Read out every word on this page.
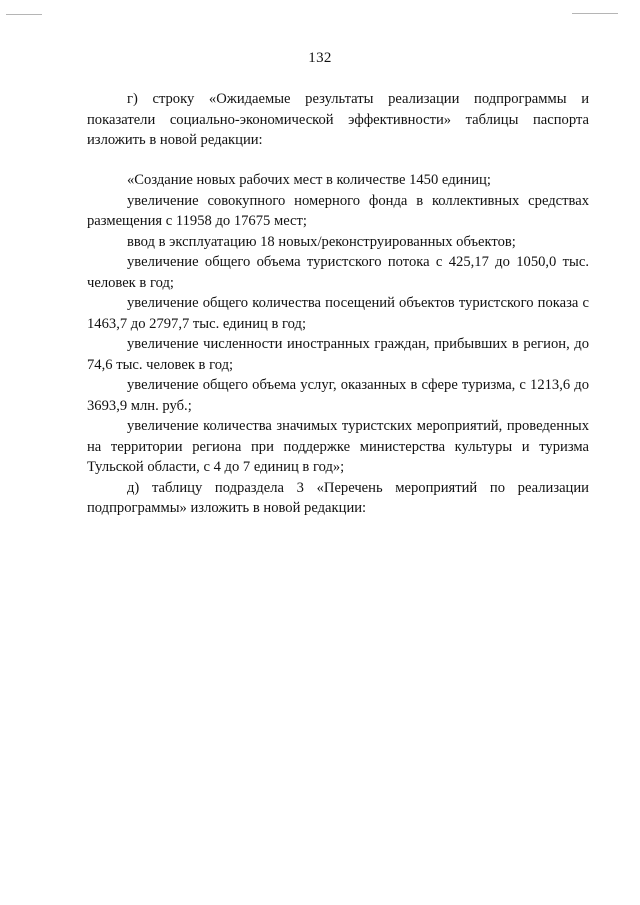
132

г) строку «Ожидаемые результаты реализации подпрограммы и показатели социально-экономической эффективности» таблицы паспорта изложить в новой редакции:

«Создание новых рабочих мест в количестве 1450 единиц;

увеличение совокупного номерного фонда в коллективных средствах размещения с 11958 до 17675 мест;

ввод в эксплуатацию 18 новых/реконструированных объектов;

увеличение общего объема туристского потока с 425,17 до 1050,0 тыс. человек в год;

увеличение общего количества посещений объектов туристского показа с 1463,7 до 2797,7 тыс. единиц в год;

увеличение численности иностранных граждан, прибывших в регион, до 74,6 тыс. человек в год;

увеличение общего объема услуг, оказанных в сфере туризма, с 1213,6 до 3693,9 млн. руб.;

увеличение количества значимых туристских мероприятий, проведенных на территории региона при поддержке министерства культуры и туризма Тульской области, с 4 до 7 единиц в год»;

д) таблицу подраздела 3 «Перечень мероприятий по реализации подпрограммы» изложить в новой редакции:
